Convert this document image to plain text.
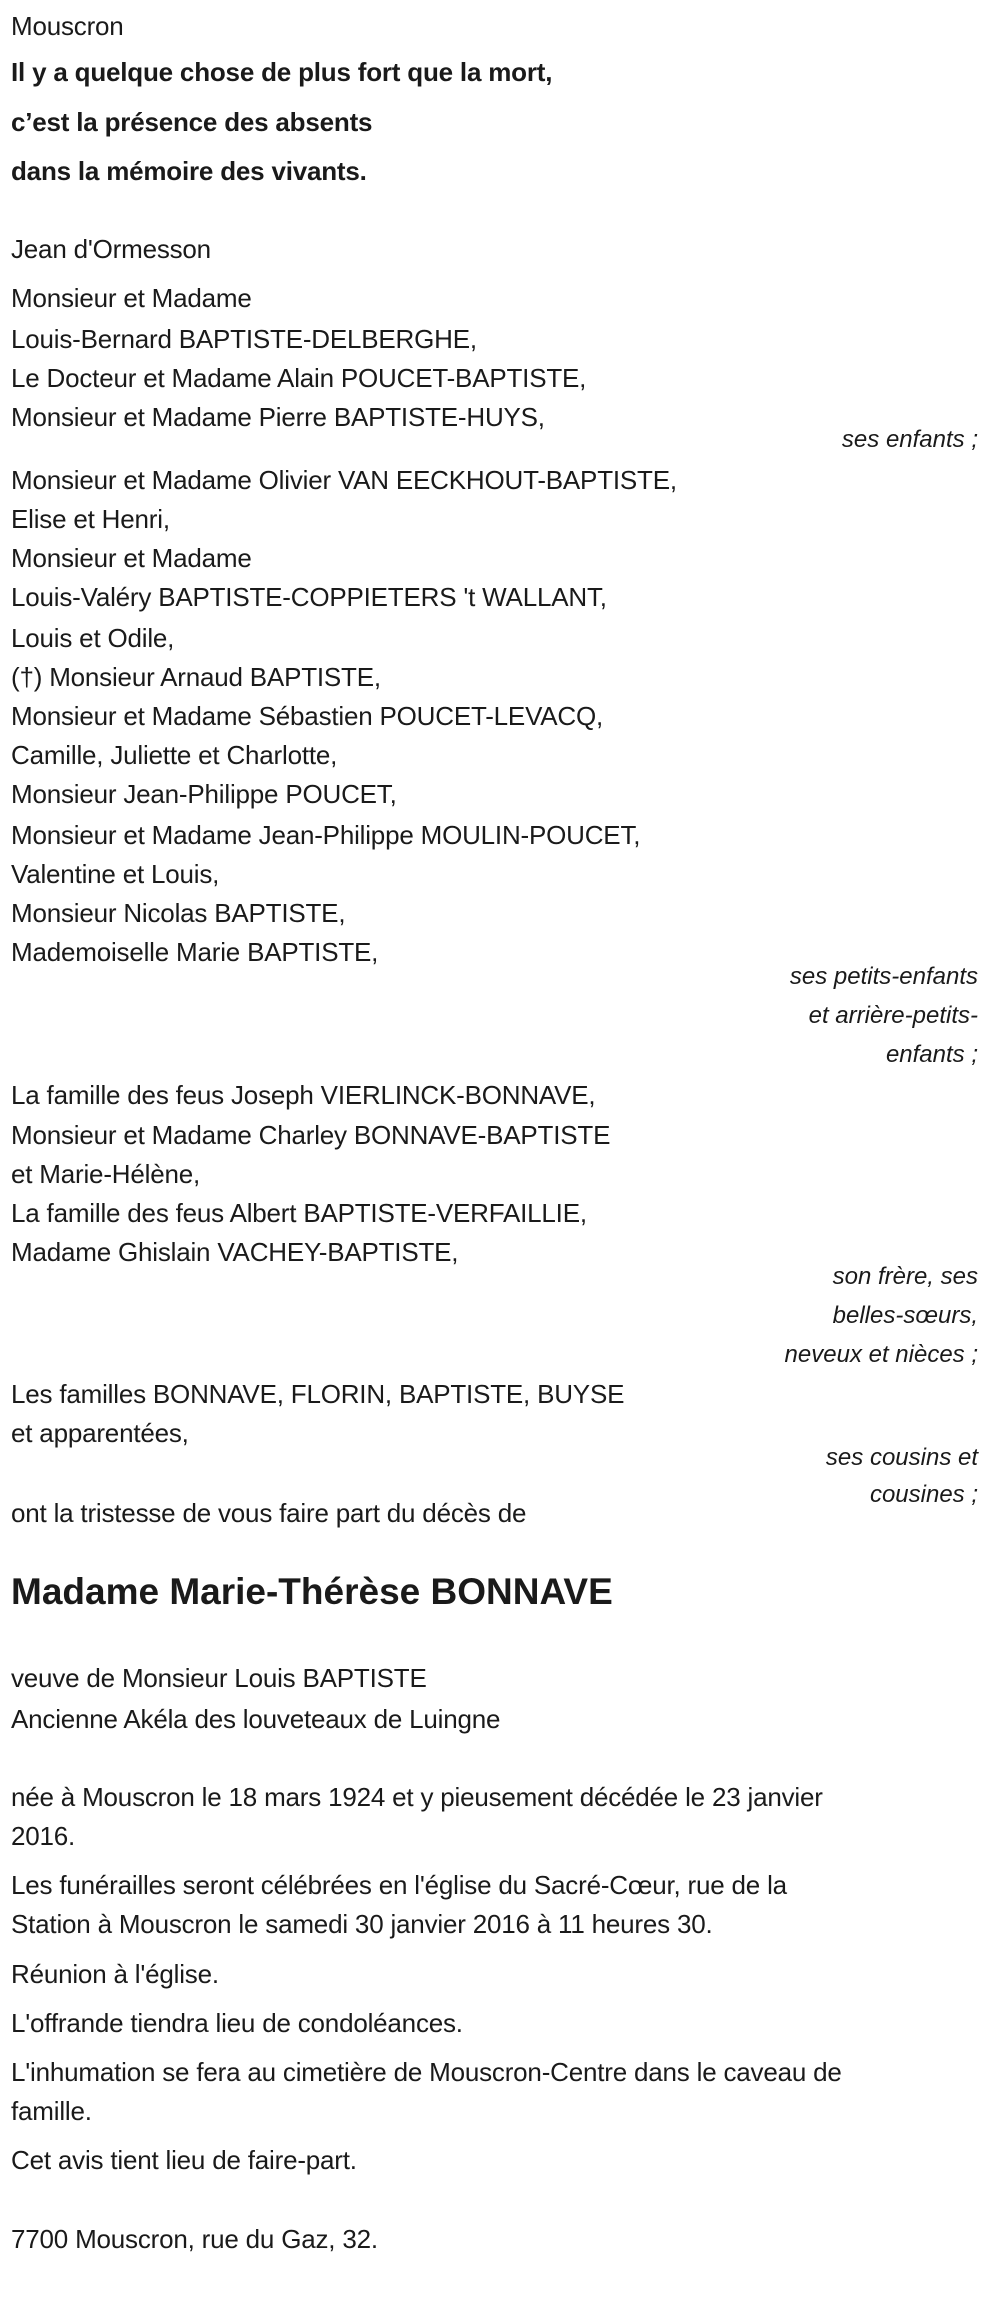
Mouscron
Il y a quelque chose de plus fort que la mort,
c’est la présence des absents
dans la mémoire des vivants.
Jean d'Ormesson
Monsieur et Madame
Louis-Bernard BAPTISTE-DELBERGHE,
Le Docteur et Madame Alain POUCET-BAPTISTE,
Monsieur et Madame Pierre BAPTISTE-HUYS,
ses enfants ;
Monsieur et Madame Olivier VAN EECKHOUT-BAPTISTE,
Elise et Henri,
Monsieur et Madame
Louis-Valéry BAPTISTE-COPPIETERS 't WALLANT,
Louis et Odile,
(†) Monsieur Arnaud BAPTISTE,
Monsieur et Madame Sébastien POUCET-LEVACQ,
Camille, Juliette et Charlotte,
Monsieur Jean-Philippe POUCET,
Monsieur et Madame Jean-Philippe MOULIN-POUCET,
Valentine et Louis,
Monsieur Nicolas BAPTISTE,
Mademoiselle Marie BAPTISTE,
ses petits-enfants
et arrière-petits-
enfants ;
La famille des feus Joseph VIERLINCK-BONNAVE,
Monsieur et Madame Charley BONNAVE-BAPTISTE
et Marie-Hélène,
La famille des feus Albert BAPTISTE-VERFAILLIE,
Madame Ghislain VACHEY-BAPTISTE,
son frère, ses
belles-sœurs,
neveux et nièces ;
Les familles BONNAVE, FLORIN, BAPTISTE, BUYSE
et apparentées,
ses cousins et
cousines ;
ont la tristesse de vous faire part du décès de
Madame Marie-Thérèse BONNAVE
veuve de Monsieur Louis BAPTISTE
Ancienne Akéla des louveteaux de Luingne
née à Mouscron le 18 mars 1924 et y pieusement décédée le 23 janvier
2016.
Les funérailles seront célébrées en l'église du Sacré-Cœur, rue de la
Station à Mouscron le samedi 30 janvier 2016 à 11 heures 30.
Réunion à l'église.
L'offrande tiendra lieu de condoléances.
L'inhumation se fera au cimetière de Mouscron-Centre dans le caveau de
famille.
Cet avis tient lieu de faire-part.
7700 Mouscron, rue du Gaz, 32.
